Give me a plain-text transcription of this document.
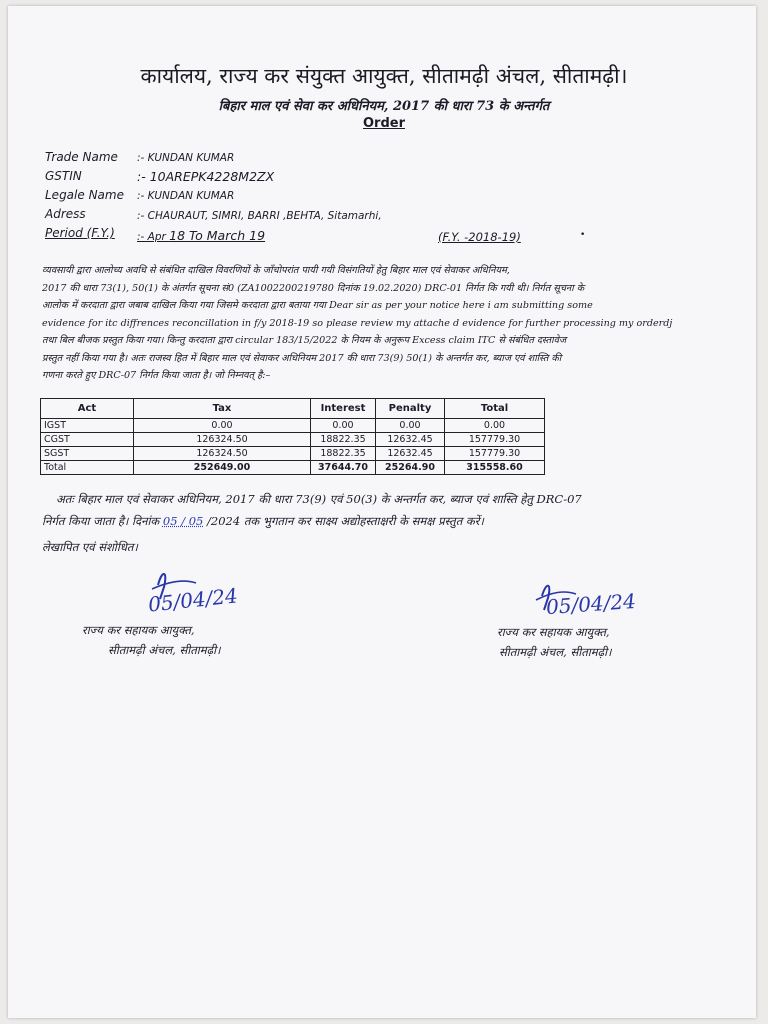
कार्यालय, राज्य कर संयुक्त आयुक्त, सीतामढ़ी अंचल, सीतामढ़ी।
बिहार माल एवं सेवा कर अधिनियम, 2017 की धारा 73 के अन्तर्गत
Order
Trade Name :- KUNDAN KUMAR
GSTIN	:- 10AREPK4228M2ZX
Legale Name :- KUNDAN KUMAR
Adress	:- CHAURAUT, SIMRI, BARRI ,BEHTA, Sitamarhi,
Period (F.Y.) :- Apr 18 To March 19	(F.Y. -2018-19)	•

व्यवसायी द्वारा आलोच्य अवधि से संबंधित दाखिल विवरणियों के जाँचोपरांत पायी गयी विसंगतियों हेतु बिहार माल एवं सेवाकर अधिनियम,

2017 की धारा 73(1), 50(1) के अंतर्गत सूचना सं0 (ZA100220021978​0 दिनांक 19.02.2020) DRC-01 निर्गत कि गयी थी। निर्गत सूचना के

आलोक में करदाता द्वारा जबाब दाखिल किया गया जिसमे करदाता द्वारा बताया गया Dear sir as per your notice here i am submitting some

evidence for itc diffrences reconcillation in f/y 2018-19 so please review my attache d evidence for further processing my orderdj

तथा बिल बीजक प्रस्तुत किया गया। किन्तु करदाता द्वारा circular 183/15/2022 के नियम के अनुरूप Excess claim ITC से संबंधित दस्तावेज

प्रस्तुत नहीं किया गया है। अतः राजस्व हित में बिहार माल एवं सेवाकर अधिनियम 2017 की धारा 73(9) 50(1) के अन्तर्गत कर, ब्याज एवं शास्ति की

गणना करते हुए DRC-07 निर्गत किया जाता है। जो निम्नवत् है:–

Act	Tax	Interest	Penalty	Total
IGST	0.00	0.00	0.00	0.00
CGST	126324.50	18822.35	12632.45	157779.30
SGST	126324.50	18822.35	12632.45	157779.30
Total	252649.00	37644.70	25264.90	315558.60
अतः बिहार माल एवं सेवाकर अधिनियम, 2017 की धारा 73(9) एवं 50(3) के अन्तर्गत कर, ब्याज एवं शास्ति हेतु DRC-07
निर्गत किया जाता है। दिनांक 05 / 05 /2024 तक भुगतान कर साक्ष्य अद्योहस्ताक्षरी के समक्ष प्रस्तुत करें।
लेखापित एवं संशोधित।
05/04/24
राज्य कर सहायक आयुक्त,
सीतामढ़ी अंचल, सीतामढ़ी।
05/04/24
राज्य कर सहायक आयुक्त,
सीतामढ़ी अंचल, सीतामढ़ी।
